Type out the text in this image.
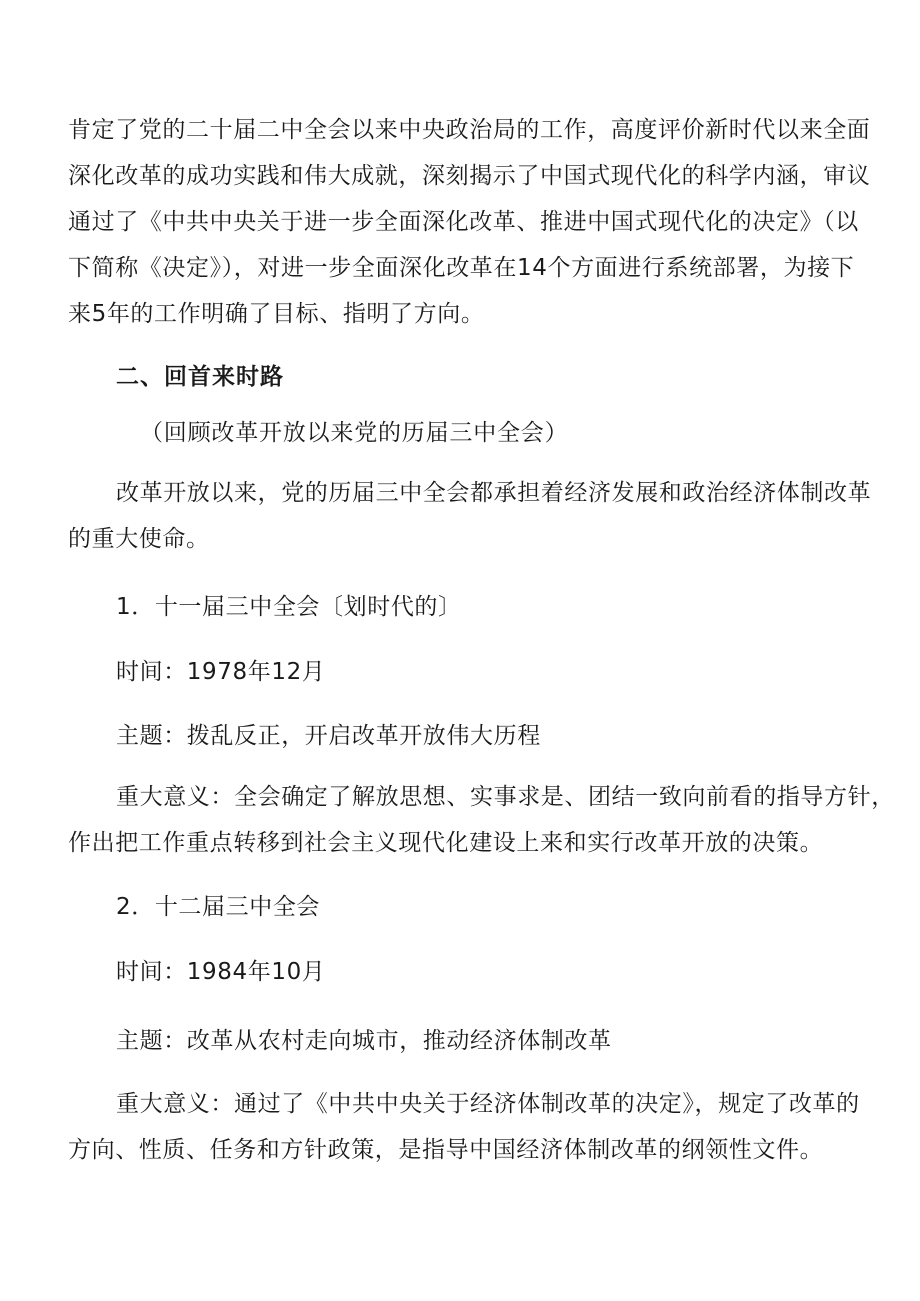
肯定了党的二十届二中全会以来中央政治局的工作，高度评价新时代以来全面
深化改革的成功实践和伟大成就，深刻揭示了中国式现代化的科学内涵，审议
通过了《中共中央关于进一步全面深化改革、推进中国式现代化的决定》（以
下简称《决定》），对进一步全面深化改革在14个方面进行系统部署，为接下
来5年的工作明确了目标、指明了方向。
二、回首来时路
（回顾改革开放以来党的历届三中全会）
改革开放以来，党的历届三中全会都承担着经济发展和政治经济体制改革
的重大使命。
1．十一届三中全会〔划时代的〕
时间：1978年12月
主题：拨乱反正，开启改革开放伟大历程
重大意义：全会确定了解放思想、实事求是、团结一致向前看的指导方针，
作出把工作重点转移到社会主义现代化建设上来和实行改革开放的决策。
2．十二届三中全会
时间：1984年10月
主题：改革从农村走向城市，推动经济体制改革
重大意义：通过了《中共中央关于经济体制改革的决定》，规定了改革的
方向、性质、任务和方针政策，是指导中国经济体制改革的纲领性文件。
